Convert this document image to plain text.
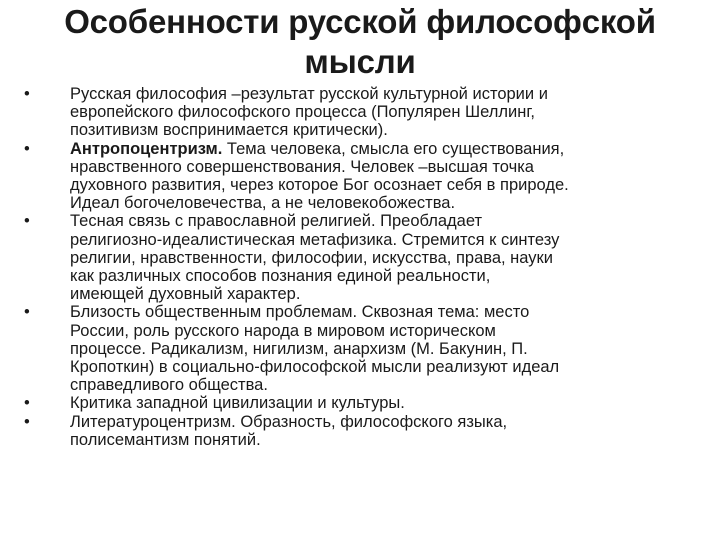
Особенности русской философской
мысли
•	Русская философия –результат русской культурной истории и
европейского философского процесса (Популярен Шеллинг,
позитивизм воспринимается критически).
•	Антропоцентризм. Тема человека, смысла его существования,
нравственного совершенствования. Человек –высшая точка
духовного развития, через которое Бог осознает себя в природе.
Идеал богочеловечества, а не человекобожества.
•	Тесная связь с православной религией. Преобладает
религиозно-идеалистическая метафизика. Стремится к синтезу
религии, нравственности, философии, искусства, права, науки
как различных способов познания единой реальности,
имеющей духовный характер.
•	Близость общественным проблемам. Сквозная тема: место
России, роль русского народа в мировом историческом
процессе. Радикализм, нигилизм, анархизм (М. Бакунин, П.
Кропоткин) в социально-философской мысли реализуют идеал
справедливого общества.
•	Критика западной цивилизации и культуры.
•	Литературоцентризм. Образность, философского языка,
полисемантизм понятий.
